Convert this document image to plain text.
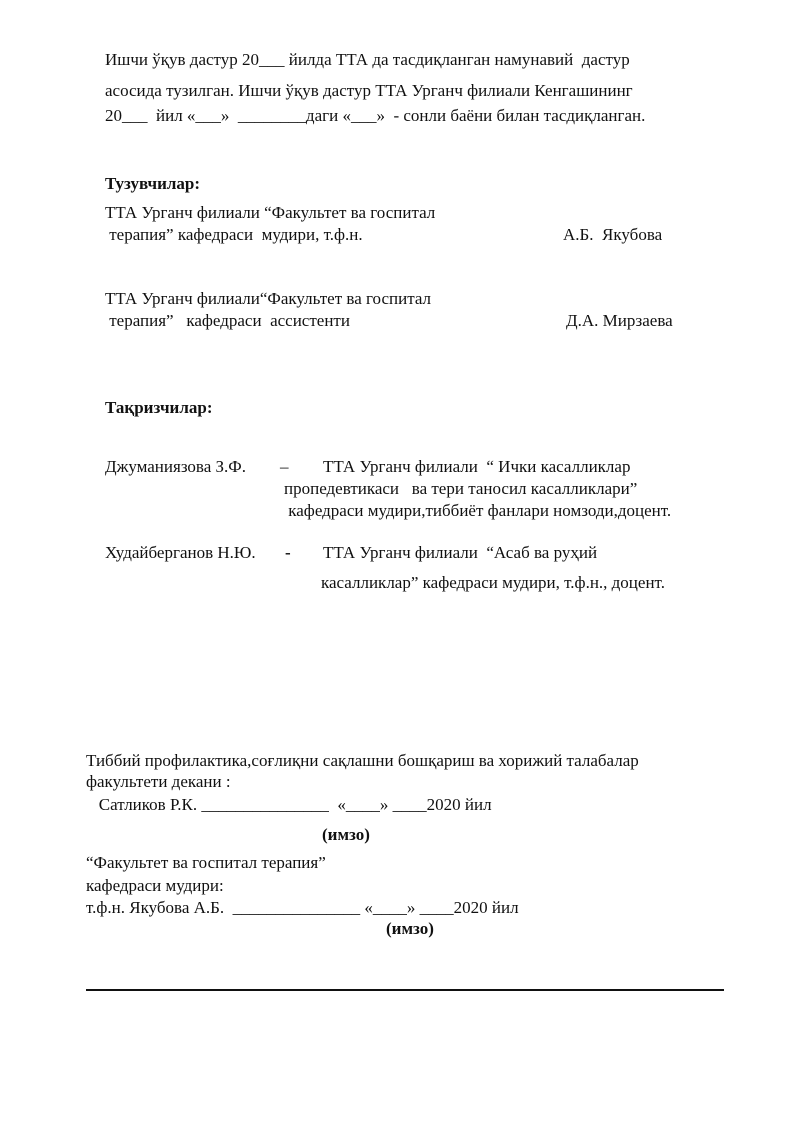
Ишчи ўқув дастур 20___ йилда ТТА да тасдиқланган намунавий  дастур
асосида тузилган. Ишчи ўқув дастур ТТА Урганч филиали Кенгашининг
20___  йил «___»  ________даги «___»  - сонли баёни билан тасдиқланган.
Тузувчилар:
ТТА Урганч филиали “Факультет ва госпитал
терапия” кафедраси  мудири, т.ф.н.	А.Б.  Якубова
ТТА Урганч филиали“Факультет ва госпитал
терапия”   кафедраси  ассистенти	Д.А. Мирзаева
Тақризчилар:
Джуманиязова З.Ф. – ТТА Урганч филиали  “ Ички касалликлар
пропедевтикаси   ва тери таносил касалликлари”
кафедраси мудири,тиббиёт фанлари номзоди,доцент.
Худайберганов Н.Ю. - ТТА Урганч филиали  “Асаб ва руҳий
касалликлар” кафедраси мудири, т.ф.н., доцент.
Тиббий профилактика,соғлиқни сақлашни бошқариш ва хорижий талабалар
факультети декани :
Сатликов Р.К. _______________  «____» ____2020 йил
(имзо)
“Факультет ва госпитал терапия”
кафедраси мудири:
т.ф.н. Якубова А.Б.  _______________ «____» ____2020 йил
(имзо)
